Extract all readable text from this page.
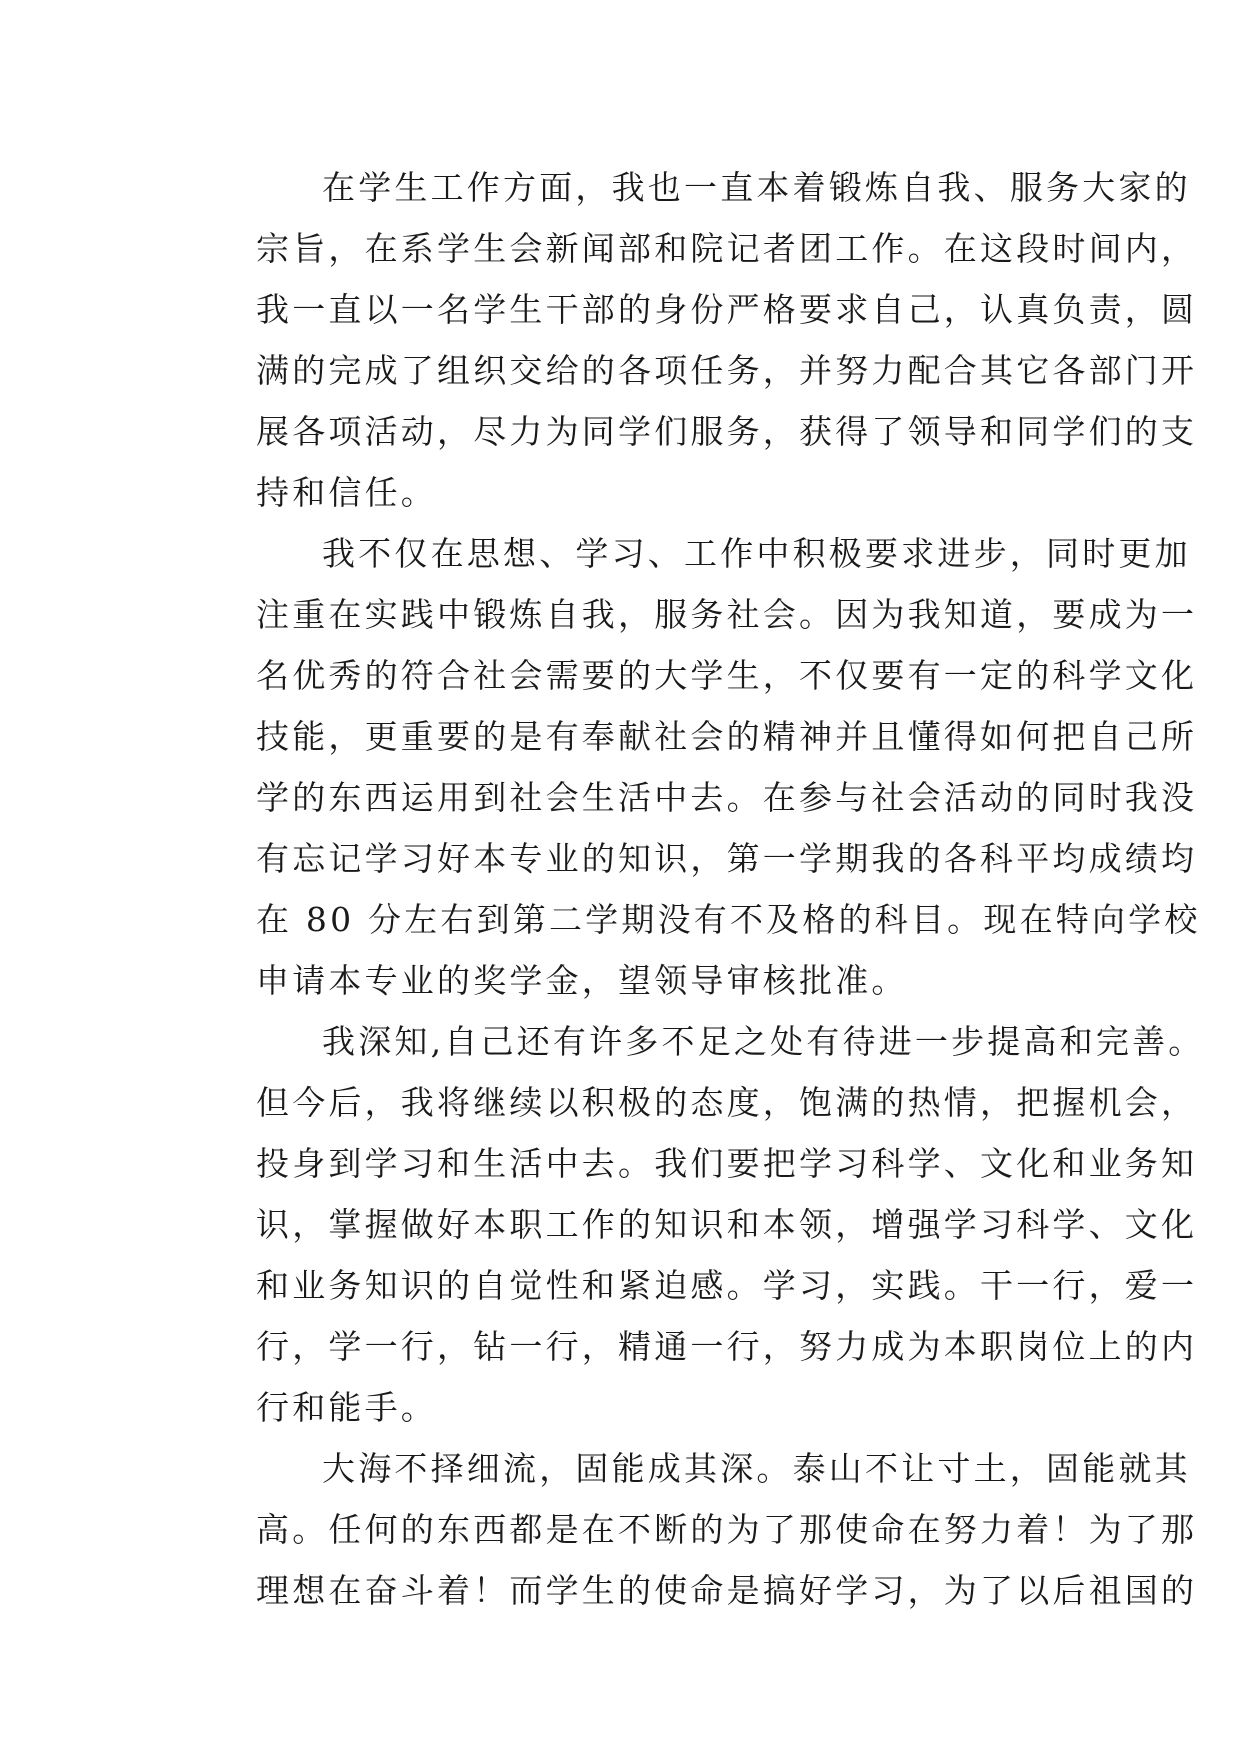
在学生工作方面，我也一直本着锻炼自我、服务大家的
宗旨，在系学生会新闻部和院记者团工作。在这段时间内，
我一直以一名学生干部的身份严格要求自己，认真负责，圆
满的完成了组织交给的各项任务，并努力配合其它各部门开
展各项活动，尽力为同学们服务，获得了领导和同学们的支
持和信任。
我不仅在思想、学习、工作中积极要求进步，同时更加
注重在实践中锻炼自我，服务社会。因为我知道，要成为一
名优秀的符合社会需要的大学生，不仅要有一定的科学文化
技能，更重要的是有奉献社会的精神并且懂得如何把自己所
学的东西运用到社会生活中去。在参与社会活动的同时我没
有忘记学习好本专业的知识，第一学期我的各科平均成绩均
在 80 分左右到第二学期没有不及格的科目。现在特向学校
申请本专业的奖学金，望领导审核批准。
我深知,自己还有许多不足之处有待进一步提高和完善。
但今后，我将继续以积极的态度，饱满的热情，把握机会，
投身到学习和生活中去。我们要把学习科学、文化和业务知
识，掌握做好本职工作的知识和本领，增强学习科学、文化
和业务知识的自觉性和紧迫感。学习，实践。干一行，爱一
行，学一行，钻一行，精通一行，努力成为本职岗位上的内
行和能手。
大海不择细流，固能成其深。泰山不让寸土，固能就其
高。任何的东西都是在不断的为了那使命在努力着！为了那
理想在奋斗着！而学生的使命是搞好学习，为了以后祖国的
